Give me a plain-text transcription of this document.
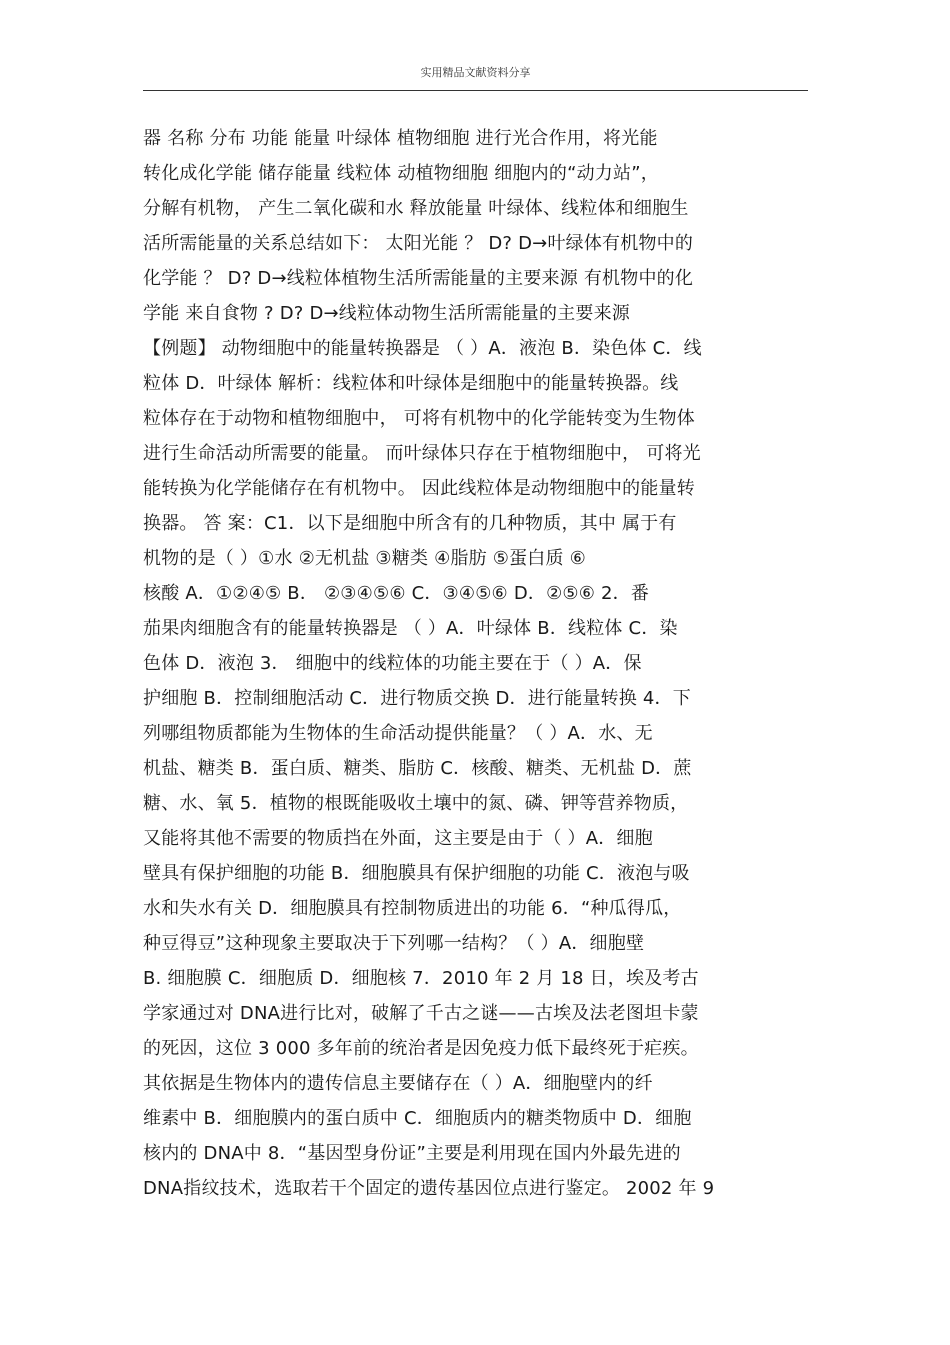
实用精品文献资料分享
器 名称 分布 功能 能量 叶绿体 植物细胞 进行光合作用，将光能
转化成化学能 储存能量 线粒体 动植物细胞 细胞内的“动力站”，
分解有机物， 产生二氧化碳和水 释放能量 叶绿体、线粒体和细胞生
活所需能量的关系总结如下： 太阳光能 ？ D? D→叶绿体有机物中的
化学能 ？ D? D→线粒体植物生活所需能量的主要来源 有机物中的化
学能 来自食物 ? D? D→线粒体动物生活所需能量的主要来源
【例题】 动物细胞中的能量转换器是 （ ）A．液泡 B．染色体 C．线
粒体 D．叶绿体 解析：线粒体和叶绿体是细胞中的能量转换器。线
粒体存在于动物和植物细胞中， 可将有机物中的化学能转变为生物体
进行生命活动所需要的能量。 而叶绿体只存在于植物细胞中， 可将光
能转换为化学能储存在有机物中。 因此线粒体是动物细胞中的能量转
换器。 答 案：C1．以下是细胞中所含有的几种物质，其中 属于有
机物的是（ ）①水 ②无机盐 ③糖类 ④脂肪 ⑤蛋白质 ⑥
核酸 A．①②④⑤ B． ②③④⑤⑥ C．③④⑤⑥ D．②⑤⑥ 2．番
茄果肉细胞含有的能量转换器是 （ ）A．叶绿体 B．线粒体 C．染
色体 D．液泡 3． 细胞中的线粒体的功能主要在于（ ）A．保
护细胞 B．控制细胞活动 C．进行物质交换 D．进行能量转换 4．下
列哪组物质都能为生物体的生命活动提供能量？（ ）A．水、无
机盐、糖类 B．蛋白质、糖类、脂肪 C．核酸、糖类、无机盐 D．蔗
糖、水、氧 5．植物的根既能吸收土壤中的氮、磷、钾等营养物质，
又能将其他不需要的物质挡在外面，这主要是由于（ ）A．细胞
壁具有保护细胞的功能 B．细胞膜具有保护细胞的功能 C．液泡与吸
水和失水有关 D．细胞膜具有控制物质进出的功能 6．“种瓜得瓜，
种豆得豆”这种现象主要取决于下列哪一结构？（ ）A．细胞壁
B. 细胞膜 C．细胞质 D．细胞核 7．2010 年 2 月 18 日，埃及考古
学家通过对 DNA进行比对，破解了千古之谜——古埃及法老图坦卡蒙
的死因，这位 3 000 多年前的统治者是因免疫力低下最终死于疟疾。
其依据是生物体内的遗传信息主要储存在（ ）A．细胞壁内的纤
维素中 B．细胞膜内的蛋白质中 C．细胞质内的糖类物质中 D．细胞
核内的 DNA中 8．“基因型身份证”主要是利用现在国内外最先进的
DNA指纹技术，选取若干个固定的遗传基因位点进行鉴定。 2002 年 9
